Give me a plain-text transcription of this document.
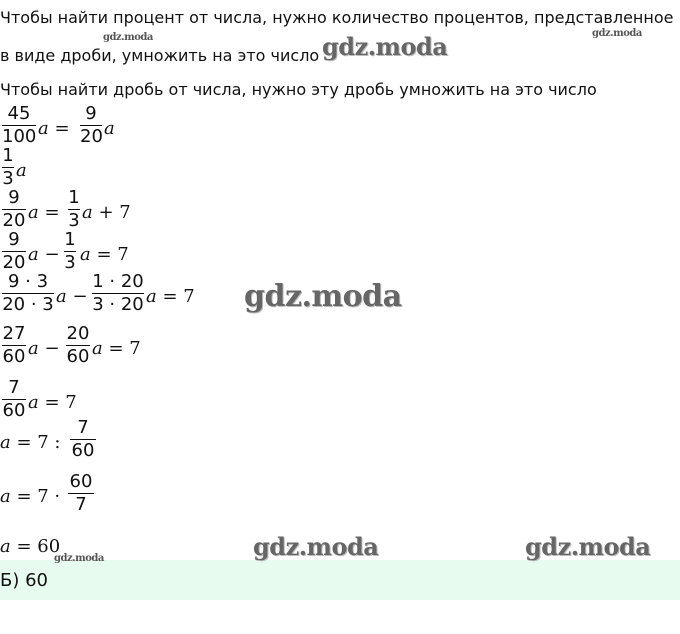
Чтобы найти процент от числа, нужно количество процентов, представленное
в виде дроби, умножить на это число
Чтобы найти дробь от числа, нужно эту дробь умножить на это число
45
100 a =
9
20 a
1
3 a
9
20 a =
1
3 a + 7
9
20 a −
1
3 a = 7
9 · 3
20 · 3 a −
1 · 20
3 · 20 a = 7
27
60 a −
20
60 a = 7
7
60 a = 7
a = 7 :
7
60
a = 7 ·
60
7
a = 60
Б) 60
gdz.moda
gdz.moda	gdz.moda
gdz.moda
gdz.moda	gdz.moda
gdz.moda
